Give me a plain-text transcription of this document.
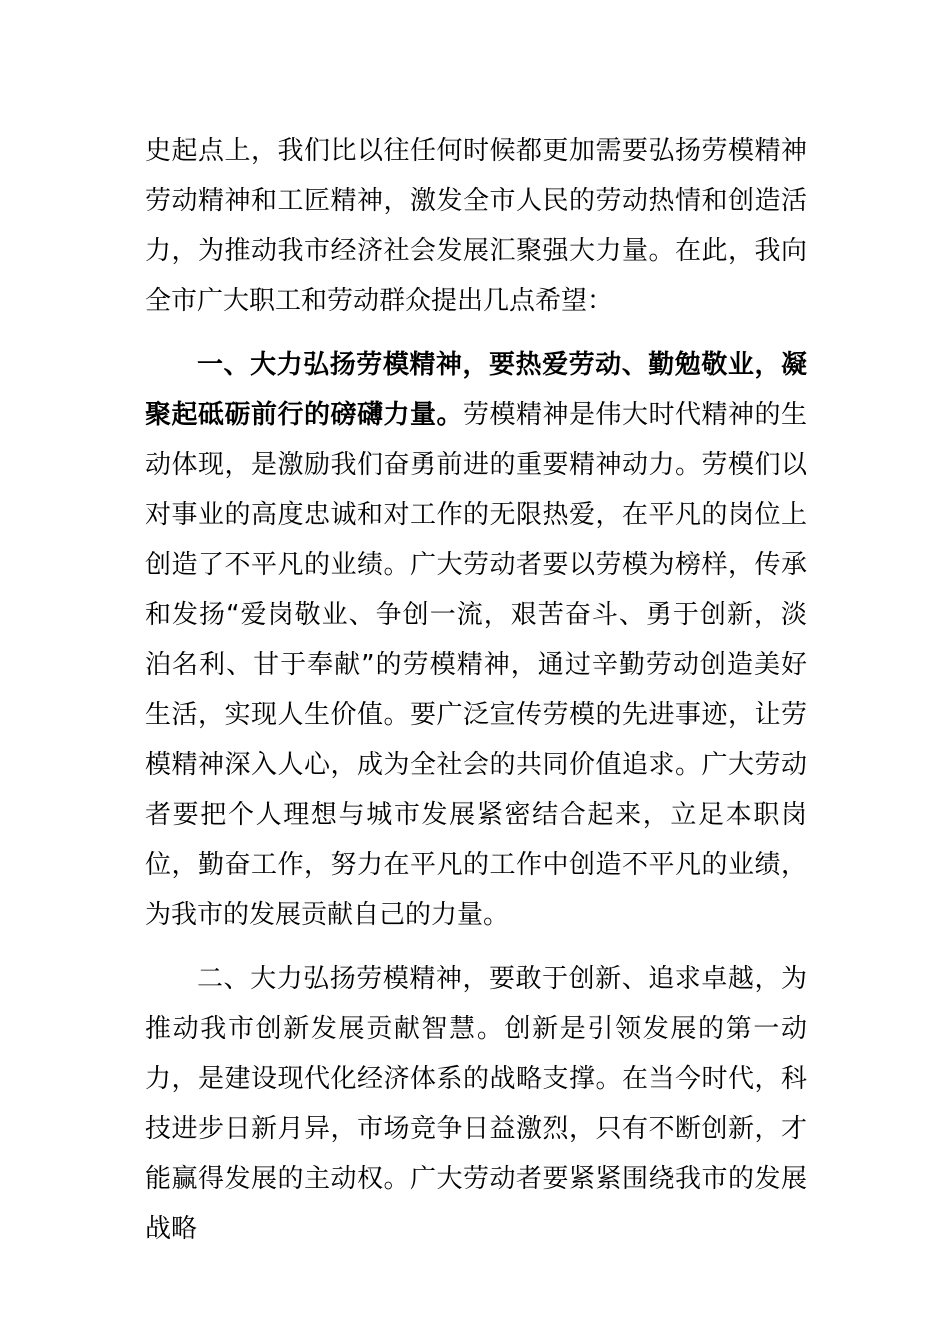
史起点上，我们比以往任何时候都更加需要弘扬劳模精神劳动精神和工匠精神，激发全市人民的劳动热情和创造活力，为推动我市经济社会发展汇聚强大力量。在此，我向全市广大职工和劳动群众提出几点希望：

一、大力弘扬劳模精神，要热爱劳动、勤勉敬业，凝聚起砥砺前行的磅礴力量。劳模精神是伟大时代精神的生动体现，是激励我们奋勇前进的重要精神动力。劳模们以对事业的高度忠诚和对工作的无限热爱，在平凡的岗位上创造了不平凡的业绩。广大劳动者要以劳模为榜样，传承和发扬“爱岗敬业、争创一流，艰苦奋斗、勇于创新，淡泊名利、甘于奉献”的劳模精神，通过辛勤劳动创造美好生活，实现人生价值。要广泛宣传劳模的先进事迹，让劳模精神深入人心，成为全社会的共同价值追求。广大劳动者要把个人理想与城市发展紧密结合起来，立足本职岗位，勤奋工作，努力在平凡的工作中创造不平凡的业绩，为我市的发展贡献自己的力量。

二、大力弘扬劳模精神，要敢于创新、追求卓越，为推动我市创新发展贡献智慧。创新是引领发展的第一动力，是建设现代化经济体系的战略支撑。在当今时代，科技进步日新月异，市场竞争日益激烈，只有不断创新，才能赢得发展的主动权。广大劳动者要紧紧围绕我市的发展战略
